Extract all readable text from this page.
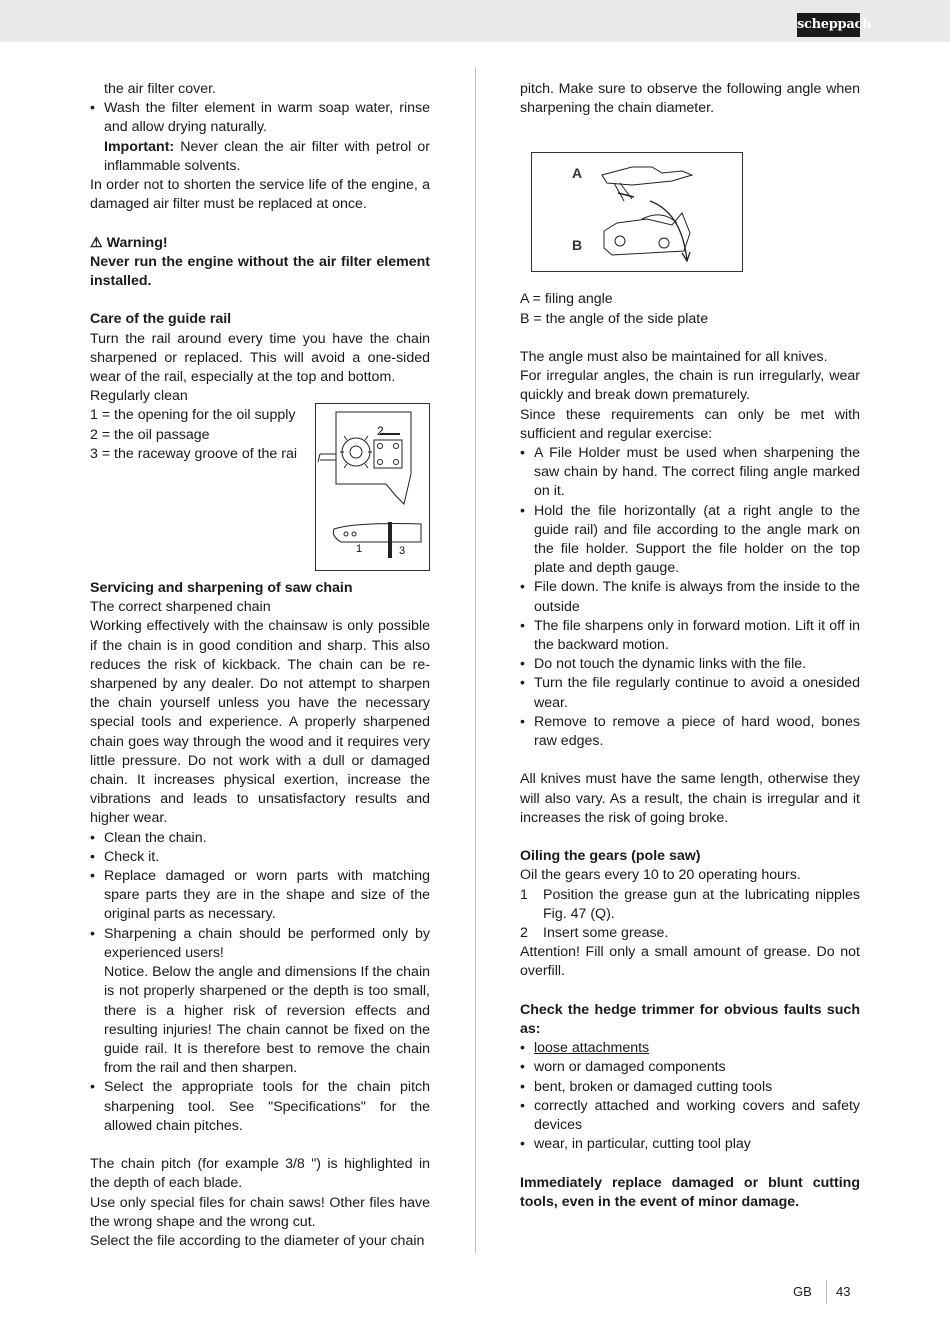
scheppach

the air filter cover.

• Wash the filter element in warm soap water, rinse and allow drying naturally.

Important: Never clean the air filter with petrol or inflammable solvents.

In order not to shorten the service life of the engine, a damaged air filter must be replaced at once.

⚠ Warning!

Never run the engine without the air filter element installed.

Care of the guide rail

Turn the rail around every time you have the chain sharpened or replaced. This will avoid a one-sided wear of the rail, especially at the top and bottom.

Regularly clean

1 = the opening for the oil supply

2 = the oil passage

3 = the raceway groove of the rai

Servicing and sharpening of saw chain

The correct sharpened chain

Working effectively with the chainsaw is only possible if the chain is in good condition and sharp. This also reduces the risk of kickback. The chain can be re-sharpened by any dealer. Do not attempt to sharpen the chain yourself unless you have the necessary special tools and experience. A properly sharpened chain goes way through the wood and it requires very little pressure. Do not work with a dull or damaged chain. It increases physical exertion, increase the vibrations and leads to unsatisfactory results and higher wear.

• Clean the chain.
• Check it.
• Replace damaged or worn parts with matching spare parts they are in the shape and size of the original parts as necessary.
• Sharpening a chain should be performed only by experienced users!

Notice. Below the angle and dimensions If the chain is not properly sharpened or the depth is too small, there is a higher risk of reversion effects and resulting injuries! The chain cannot be fixed on the guide rail. It is therefore best to remove the chain from the rail and then sharpen.

• Select the appropriate tools for the chain pitch sharpening tool. See "Specifications" for the allowed chain pitches.

The chain pitch (for example 3/8 ") is highlighted in the depth of each blade.

Use only special files for chain saws! Other files have the wrong shape and the wrong cut.

Select the file according to the diameter of your chain

2
1	3

pitch. Make sure to observe the following angle when sharpening the chain diameter.

A
B

A = filing angle

B = the angle of the side plate

The angle must also be maintained for all knives.

For irregular angles, the chain is run irregularly, wear quickly and break down prematurely.

Since these requirements can only be met with sufficient and regular exercise:

• A File Holder must be used when sharpening the saw chain by hand. The correct filing angle marked on it.
• Hold the file horizontally (at a right angle to the guide rail) and file according to the angle mark on the file holder. Support the file holder on the top plate and depth gauge.
• File down. The knife is always from the inside to the outside
• The file sharpens only in forward motion. Lift it off in the backward motion.
• Do not touch the dynamic links with the file.
• Turn the file regularly continue to avoid a onesided wear.
• Remove to remove a piece of hard wood, bones raw edges.

All knives must have the same length, otherwise they will also vary. As a result, the chain is irregular and it increases the risk of going broke.

Oiling the gears (pole saw)

Oil the gears every 10 to 20 operating hours.

1 Position the grease gun at the lubricating nipples Fig. 47 (Q).
2 Insert some grease.

Attention! Fill only a small amount of grease. Do not overfill.

Check the hedge trimmer for obvious faults such as:

• loose attachments
• worn or damaged components
• bent, broken or damaged cutting tools
• correctly attached and working covers and safety devices
• wear, in particular, cutting tool play

Immediately replace damaged or blunt cutting tools, even in the event of minor damage.

GB 43
